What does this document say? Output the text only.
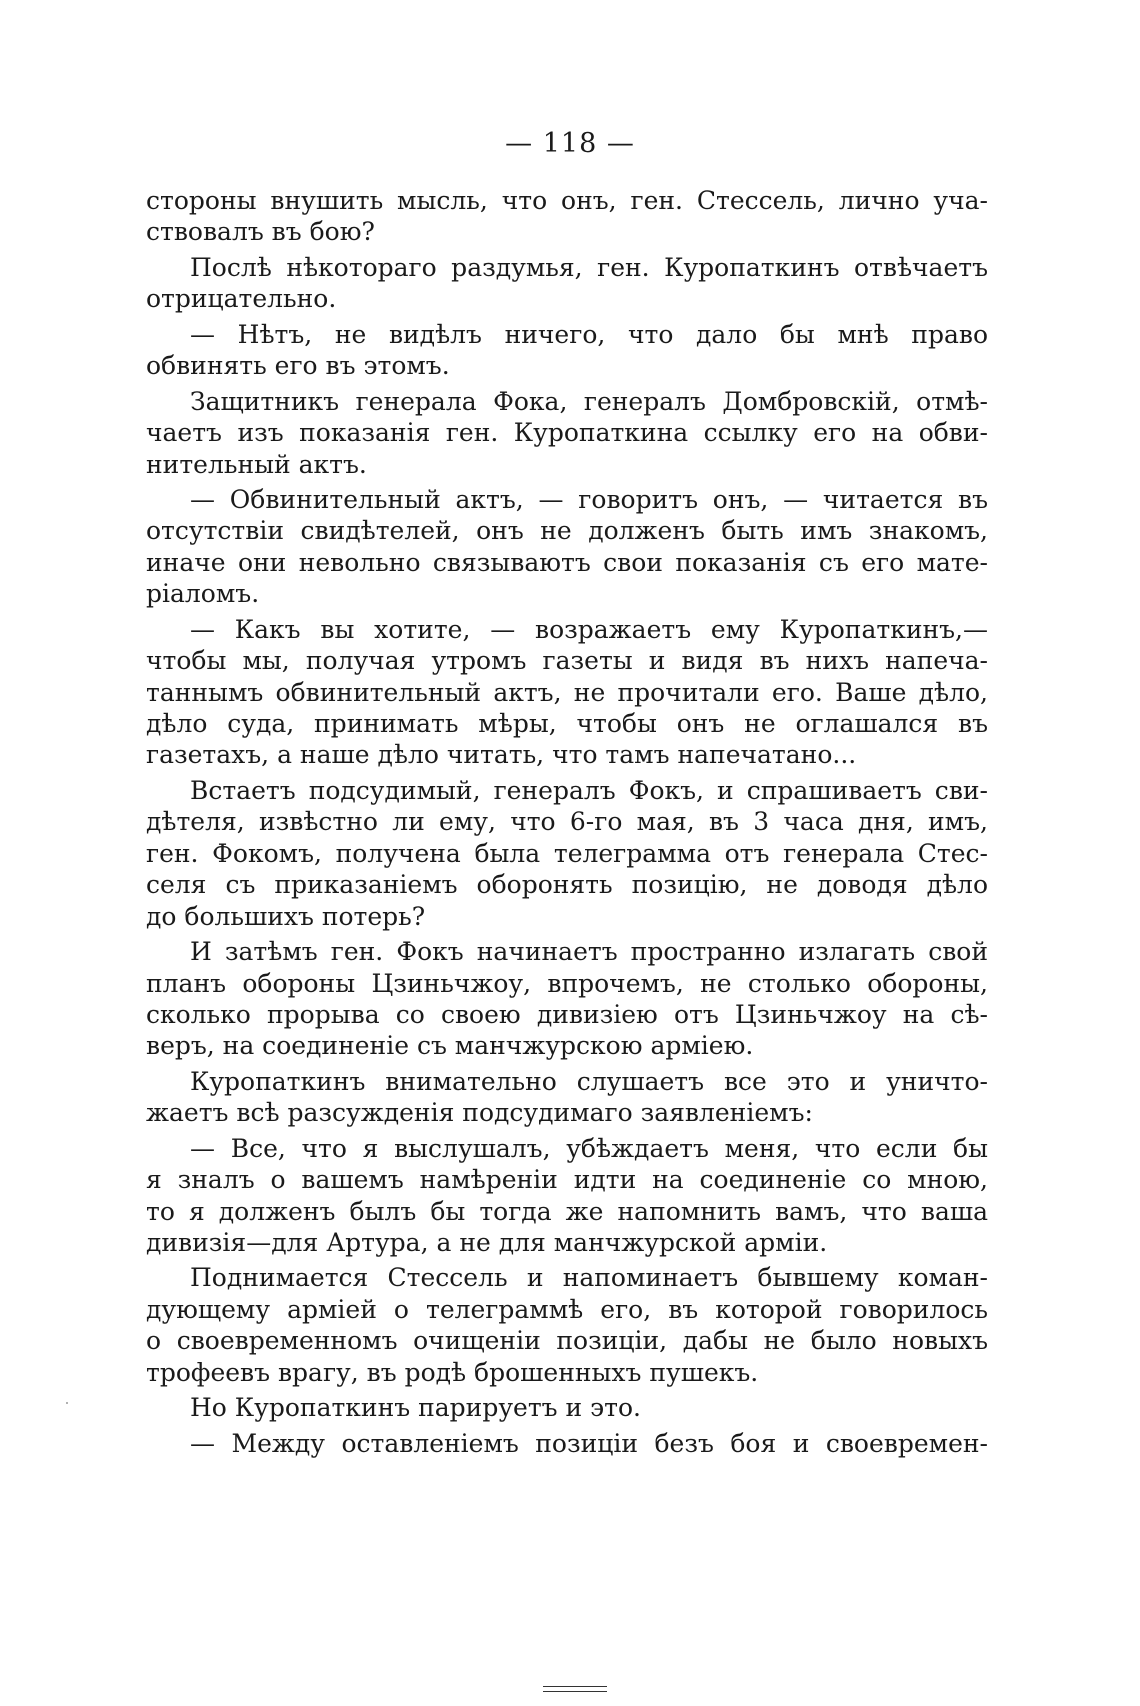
— 118 —
стороны внушить мысль, что онъ, ген. Стессель, лично уча-
ствовалъ въ бою?
Послѣ нѣкотораго раздумья, ген. Куропаткинъ отвѣчаетъ
отрицательно.
— Нѣтъ, не видѣлъ ничего, что дало бы мнѣ право
обвинять его въ этомъ.
Защитникъ генерала Фока, генералъ Домбровскій, отмѣ-
чаетъ изъ показанія ген. Куропаткина ссылку его на обви-
нительный актъ.
— Обвинительный актъ, — говоритъ онъ, — читается въ
отсутствіи свидѣтелей, онъ не долженъ быть имъ знакомъ,
иначе они невольно связываютъ свои показанія съ его мате-
ріаломъ.
— Какъ вы хотите, — возражаетъ ему Куропаткинъ,—
чтобы мы, получая утромъ газеты и видя въ нихъ напеча-
таннымъ обвинительный актъ, не прочитали его. Ваше дѣло,
дѣло суда, принимать мѣры, чтобы онъ не оглашался въ
газетахъ, а наше дѣло читать, что тамъ напечатано...
Встаетъ подсудимый, генералъ Фокъ, и спрашиваетъ сви-
дѣтеля, извѣстно ли ему, что 6-го мая, въ 3 часа дня, имъ,
ген. Фокомъ, получена была телеграмма отъ генерала Стес-
селя съ приказаніемъ оборонять позицію, не доводя дѣло
до большихъ потерь?
И затѣмъ ген. Фокъ начинаетъ пространно излагать свой
планъ обороны Цзиньчжоу, впрочемъ, не столько обороны,
сколько прорыва со своею дивизіею отъ Цзиньчжоу на сѣ-
веръ, на соединеніе съ манчжурскою арміею.
Куропаткинъ внимательно слушаетъ все это и уничто-
жаетъ всѣ разсужденія подсудимаго заявленіемъ:
— Все, что я выслушалъ, убѣждаетъ меня, что если бы
я зналъ о вашемъ намѣреніи идти на соединеніе со мною,
то я долженъ былъ бы тогда же напомнить вамъ, что ваша
дивизія—для Артура, а не для манчжурской арміи.
Поднимается Стессель и напоминаетъ бывшему коман-
дующему арміей о телеграммѣ его, въ которой говорилось
о своевременномъ очищеніи позиціи, дабы не было новыхъ
трофеевъ врагу, въ родѣ брошенныхъ пушекъ.
Но Куропаткинъ парируетъ и это.
— Между оставленіемъ позиціи безъ боя и своевремен-
